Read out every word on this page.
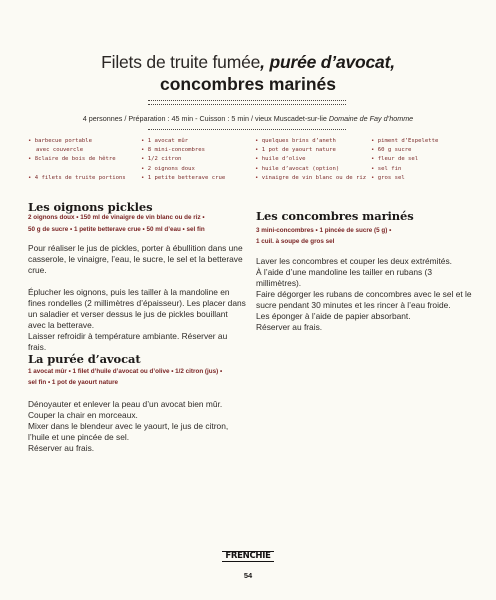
Filets de truite fumée, purée d’avocat,
concombres marinés
4 personnes / Préparation : 45 min - Cuisson : 5 min / vieux Muscadet-sur-lie Domaine de Fay d’homme
• barbecue portable
avec couvercle
• 8claire de bois de hêtre

• 4 filets de truite portions
• 1 avocat mûr
• 8 mini-concombres
• 1/2 citron
• 2 oignons doux
• 1 petite betterave crue
• quelques brins d’aneth
• 1 pot de yaourt nature
• huile d’olive
• huile d’avocat (option)
• vinaigre de vin blanc ou de riz
• piment d’Espelette
• 60 g sucre
• fleur de sel
• sel fin
• gros sel
Les oignons pickles
2 oignons doux • 150 ml de vinaigre de vin blanc ou de riz •
50 g de sucre • 1 petite betterave crue • 50 ml d’eau • sel fin

Pour réaliser le jus de pickles, porter à ébullition dans une casserole, le vinaigre, l’eau, le sucre, le sel et la betterave crue.

Éplucher les oignons, puis les tailler à la mandoline en fines rondelles (2 millimètres d’épaisseur). Les placer dans un saladier et verser dessus le jus de pickles bouillant avec la betterave.

Laisser refroidir à température ambiante. Réserver au frais.

La purée d’avocat
1 avocat mûr • 1 filet d’huile d’avocat ou d’olive • 1/2 citron (jus) •
sel fin • 1 pot de yaourt nature

Dénoyauter et enlever la peau d’un avocat bien mûr. Couper la chair en morceaux.

Mixer dans le blendeur avec le yaourt, le jus de citron, l’huile et une pincée de sel.

Réserver au frais.

Les concombres marinés
3 mini-concombres • 1 pincée de sucre (5 g) •
1 cuil. à soupe de gros sel

Laver les concombres et couper les deux extrémités.

À l’aide d’une mandoline les tailler en rubans (3 millimètres).

Faire dégorger les rubans de concombres avec le sel et le sucre pendant 30 minutes et les rincer à l’eau froide.

Les éponger à l’aide de papier absorbant.

Réserver au frais.

FRENCHIE
54
